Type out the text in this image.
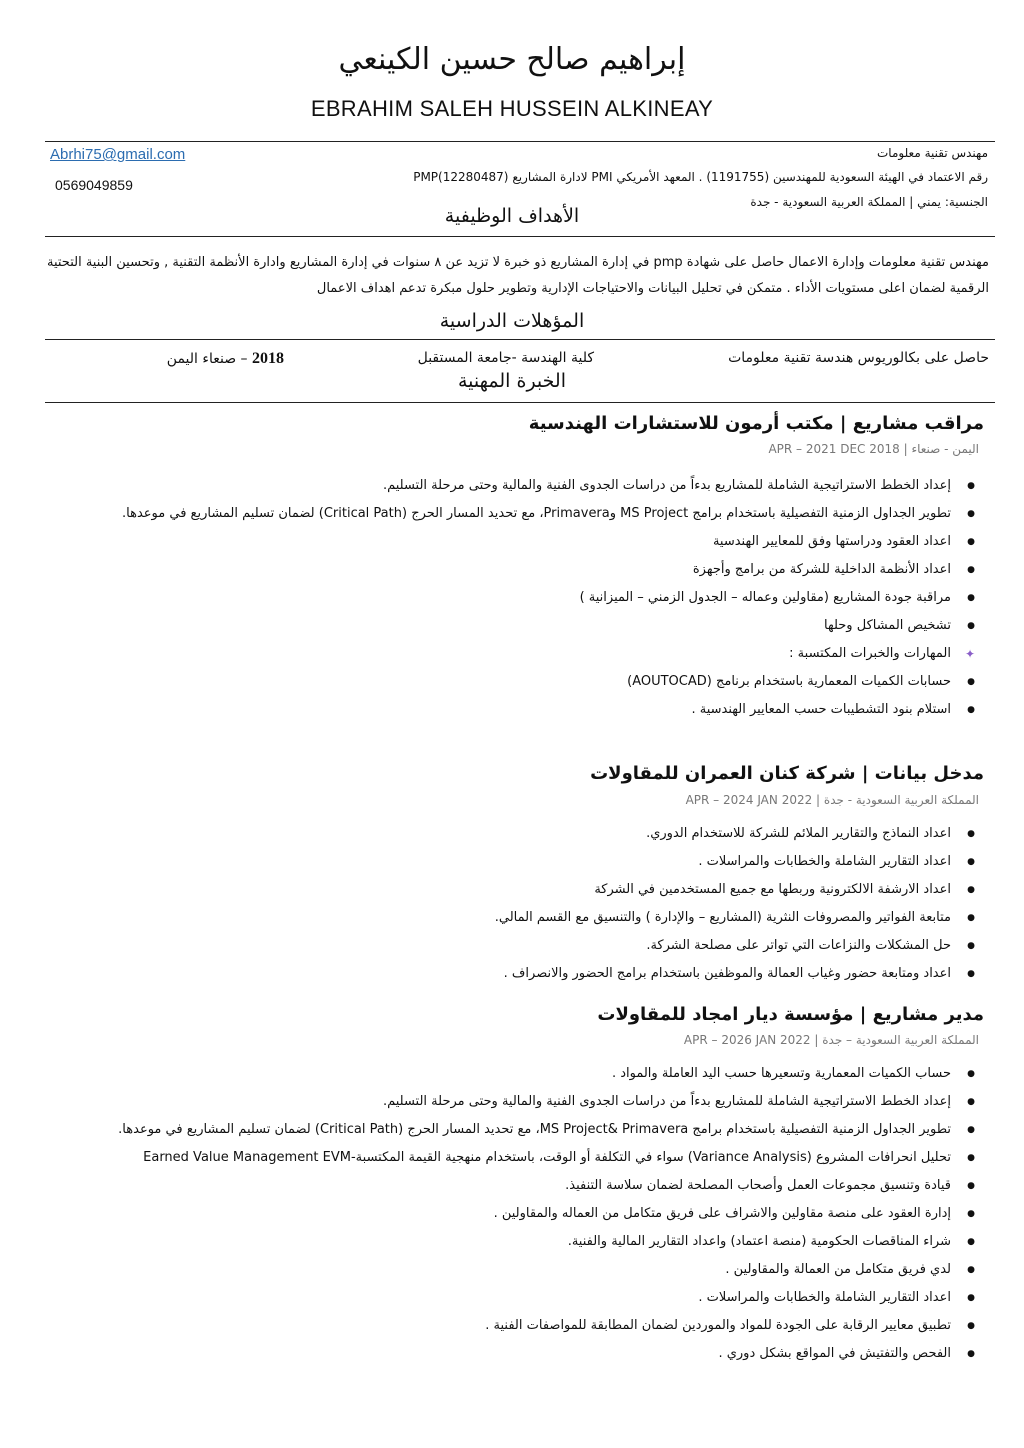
إبراهيم صالح حسين الكينعي
EBRAHIM SALEH HUSSEIN ALKINEAY
Abrhi75@gmail.com
0569049859
مهندس تقنية معلومات
رقم الاعتماد في الهيئة السعودية للمهندسين (1191755) . المعهد الأمريكي PMI لادارة المشاريع PMP(12280487)
الجنسية: يمني | المملكة العربية السعودية - جدة
الأهداف الوظيفية
مهندس تقنية معلومات وإدارة الاعمال حاصل على شهادة pmp في إدارة المشاريع ذو خبرة لا تزيد عن ٨ سنوات في إدارة المشاريع وادارة الأنظمة التقنية , وتحسين البنية التحتية الرقمية لضمان اعلى مستويات الأداء . متمكن في تحليل البيانات والاحتياجات الإدارية وتطوير حلول مبكرة تدعم اهداف الاعمال
المؤهلات الدراسية
حاصل على بكالوريوس هندسة تقنية معلومات
كلية الهندسة -جامعة المستقبل
2018 – صنعاء اليمن
الخبرة المهنية
مراقب مشاريع | مكتب أرمون للاستشارات الهندسية
اليمن - صنعاء | 2018 APR – 2021 DEC
● إعداد الخطط الاستراتيجية الشاملة للمشاريع بدءاً من دراسات الجدوى الفنية والمالية وحتى مرحلة التسليم.
● تطوير الجداول الزمنية التفصيلية باستخدام برامج MS Project وPrimavera، مع تحديد المسار الحرج (Critical Path) لضمان تسليم المشاريع في موعدها.
● اعداد العقود ودراستها وفق للمعايير الهندسية
● اعداد الأنظمة الداخلية للشركة من برامج وأجهزة
● مراقبة جودة المشاريع (مقاولين وعماله – الجدول الزمني – الميزانية )
● تشخيص المشاكل وحلها
✦ المهارات والخبرات المكتسبة :
● حسابات الكميات المعمارية باستخدام برنامج (AOUTOCAD)
● استلام بنود التشطيبات حسب المعايير الهندسية .
مدخل بيانات | شركة كنان العمران للمقاولات
المملكة العربية السعودية - جدة | 2022 APR – 2024 JAN
● اعداد النماذج والتقارير الملائم للشركة للاستخدام الدوري.
● اعداد التقارير الشاملة والخطابات والمراسلات .
● اعداد الارشفة الالكترونية وربطها مع جميع المستخدمين في الشركة
● متابعة الفواتير والمصروفات النثرية (المشاريع – والإدارة ) والتنسيق مع القسم المالي.
● حل المشكلات والنزاعات التي تواتر على مصلحة الشركة.
● اعداد ومتابعة حضور وغياب العمالة والموظفين باستخدام برامج الحضور والانصراف .
مدير مشاريع | مؤسسة ديار امجاد للمقاولات
المملكة العربية السعودية – جدة | 2022 APR – 2026 JAN
● حساب الكميات المعمارية وتسعيرها حسب اليد العاملة والمواد .
● إعداد الخطط الاستراتيجية الشاملة للمشاريع بدءاً من دراسات الجدوى الفنية والمالية وحتى مرحلة التسليم.
● تطوير الجداول الزمنية التفصيلية باستخدام برامج MS Project& Primavera، مع تحديد المسار الحرج (Critical Path) لضمان تسليم المشاريع في موعدها.
● تحليل انحرافات المشروع (Variance Analysis) سواء في التكلفة أو الوقت، باستخدام منهجية القيمة المكتسبة-Earned Value Management EVM
● قيادة وتنسيق مجموعات العمل وأصحاب المصلحة لضمان سلاسة التنفيذ.
● إدارة العقود على منصة مقاولين والاشراف على فريق متكامل من العماله والمقاولين .
● شراء المناقصات الحكومية (منصة اعتماد) واعداد التقارير المالية والفنية.
● لدي فريق متكامل من العمالة والمقاولين .
● اعداد التقارير الشاملة والخطابات والمراسلات .
● تطبيق معايير الرقابة على الجودة للمواد والموردين لضمان المطابقة للمواصفات الفنية .
● الفحص والتفتيش في المواقع بشكل دوري .
